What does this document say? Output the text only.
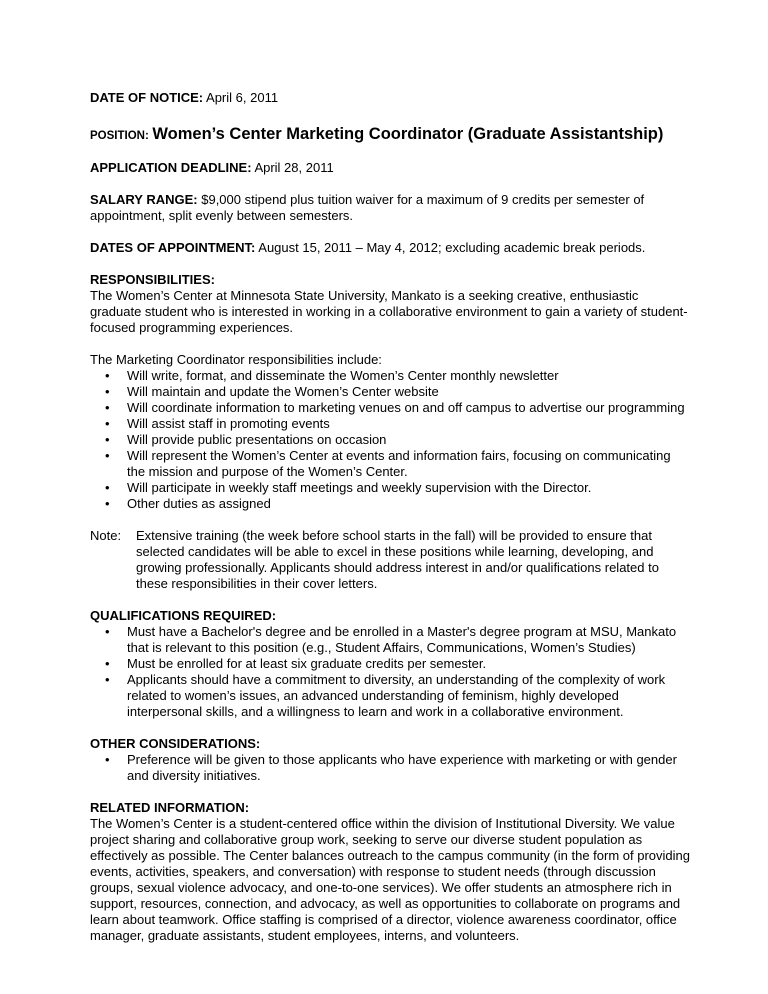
DATE OF NOTICE: April 6, 2011

POSITION: Women’s Center Marketing Coordinator (Graduate Assistantship)

APPLICATION DEADLINE: April 28, 2011

SALARY RANGE: $9,000 stipend plus tuition waiver for a maximum of 9 credits per semester of appointment, split evenly between semesters.

DATES OF APPOINTMENT: August 15, 2011 – May 4, 2012; excluding academic break periods.

RESPONSIBILITIES:

The Women’s Center at Minnesota State University, Mankato is a seeking creative, enthusiastic graduate student who is interested in working in a collaborative environment to gain a variety of student-focused programming experiences.

The Marketing Coordinator responsibilities include:

• Will write, format, and disseminate the Women’s Center monthly newsletter
• Will maintain and update the Women’s Center website
• Will coordinate information to marketing venues on and off campus to advertise our programming
• Will assist staff in promoting events
• Will provide public presentations on occasion
• Will represent the Women’s Center at events and information fairs, focusing on communicating the mission and purpose of the Women’s Center.
• Will participate in weekly staff meetings and weekly supervision with the Director.
• Other duties as assigned
Note:	Extensive training (the week before school starts in the fall) will be provided to ensure that selected candidates will be able to excel in these positions while learning, developing, and growing professionally. Applicants should address interest in and/or qualifications related to these responsibilities in their cover letters.

QUALIFICATIONS REQUIRED:

• Must have a Bachelor's degree and be enrolled in a Master's degree program at MSU, Mankato that is relevant to this position (e.g., Student Affairs, Communications, Women’s Studies)
• Must be enrolled for at least six graduate credits per semester.
• Applicants should have a commitment to diversity, an understanding of the complexity of work related to women’s issues, an advanced understanding of feminism, highly developed interpersonal skills, and a willingness to learn and work in a collaborative environment.

OTHER CONSIDERATIONS:

• Preference will be given to those applicants who have experience with marketing or with gender and diversity initiatives.

RELATED INFORMATION:

The Women’s Center is a student-centered office within the division of Institutional Diversity. We value project sharing and collaborative group work, seeking to serve our diverse student population as effectively as possible. The Center balances outreach to the campus community (in the form of providing events, activities, speakers, and conversation) with response to student needs (through discussion groups, sexual violence advocacy, and one-to-one services). We offer students an atmosphere rich in support, resources, connection, and advocacy, as well as opportunities to collaborate on programs and learn about teamwork. Office staffing is comprised of a director, violence awareness coordinator, office manager, graduate assistants, student employees, interns, and volunteers.
